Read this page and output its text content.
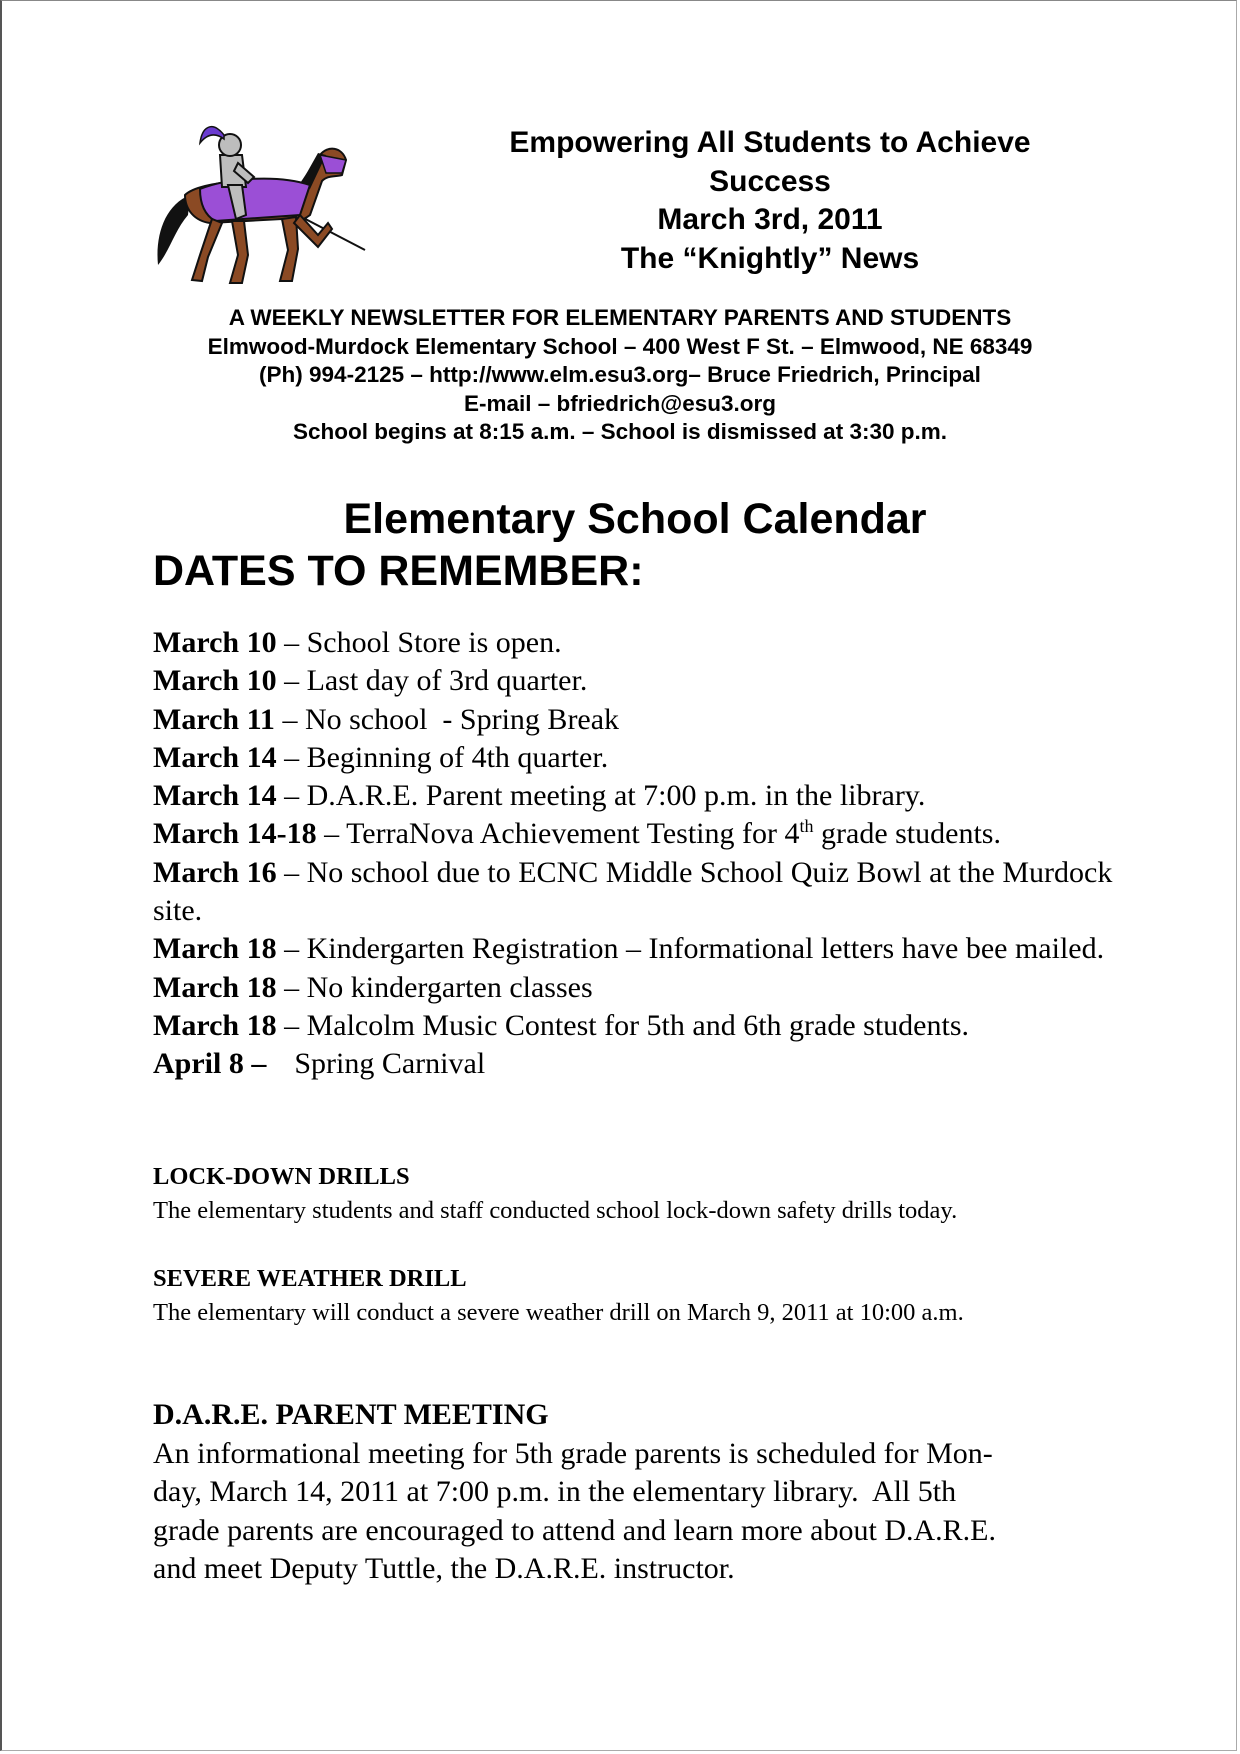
Empowering All Students to Achieve
Success
March 3rd, 2011
The “Knightly” News
A WEEKLY NEWSLETTER FOR ELEMENTARY PARENTS AND STUDENTS
Elmwood-Murdock Elementary School – 400 West F St. – Elmwood, NE 68349
(Ph) 994-2125 – http://www.elm.esu3.org– Bruce Friedrich, Principal
E-mail – bfriedrich@esu3.org
School begins at 8:15 a.m. – School is dismissed at 3:30 p.m.
Elementary School Calendar
DATES TO REMEMBER:
March 10 – School Store is open.
March 10 – Last day of 3rd quarter.
March 11 – No school  - Spring Break
March 14 – Beginning of 4th quarter.
March 14 – D.A.R.E. Parent meeting at 7:00 p.m. in the library.
March 14-18 – TerraNova Achievement Testing for 4th grade students.
March 16 – No school due to ECNC Middle School Quiz Bowl at the Murdock site.
March 18 – Kindergarten Registration – Informational letters have bee mailed.
March 18 – No kindergarten classes
March 18 – Malcolm Music Contest for 5th and 6th grade students.
April 8 – Spring Carnival
LOCK-DOWN DRILLS
The elementary students and staff conducted school lock-down safety drills today.
SEVERE WEATHER DRILL
The elementary will conduct a severe weather drill on March 9, 2011 at 10:00 a.m.
D.A.R.E. PARENT MEETING
An informational meeting for 5th grade parents is scheduled for Mon-
day, March 14, 2011 at 7:00 p.m. in the elementary library.  All 5th
grade parents are encouraged to attend and learn more about D.A.R.E.
and meet Deputy Tuttle, the D.A.R.E. instructor.
